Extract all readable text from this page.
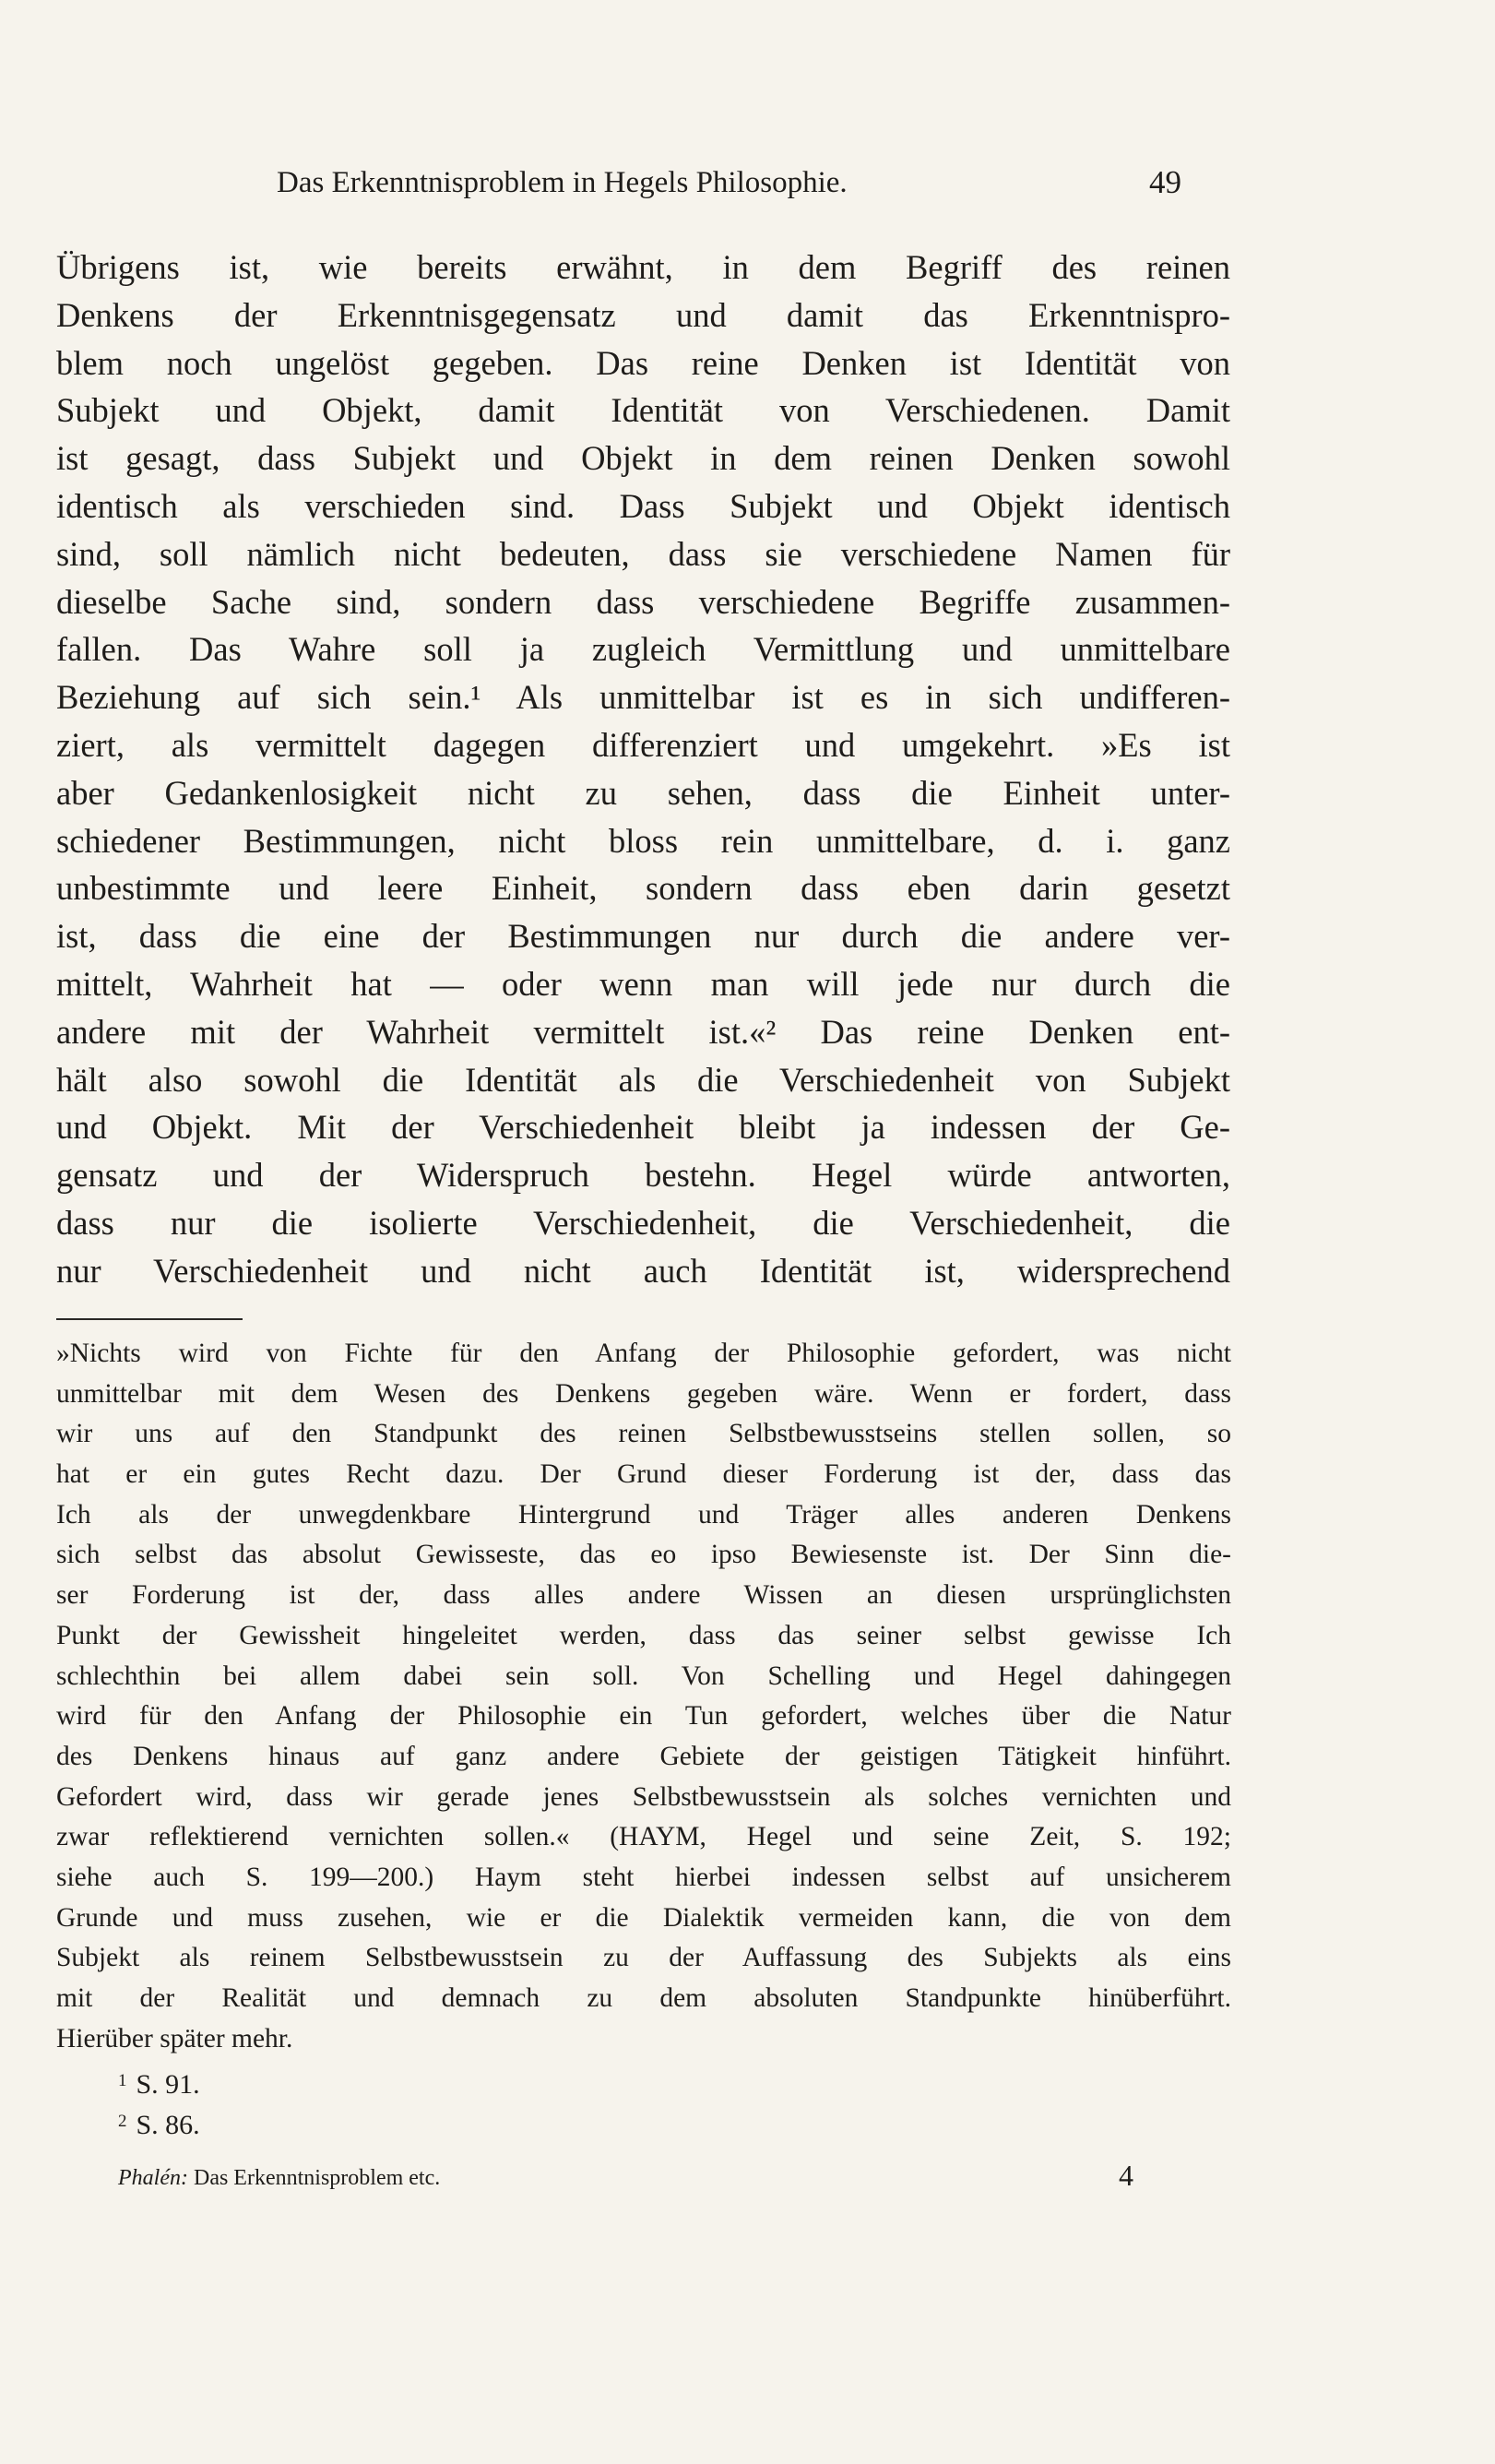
Das Erkenntnisproblem in Hegels Philosophie.	49
Übrigens ist, wie bereits erwähnt, in dem Begriff des reinen
Denkens der Erkenntnisgegensatz und damit das Erkenntnispro-
blem noch ungelöst gegeben. Das reine Denken ist Identität von
Subjekt und Objekt, damit Identität von Verschiedenen. Damit
ist gesagt, dass Subjekt und Objekt in dem reinen Denken sowohl
identisch als verschieden sind. Dass Subjekt und Objekt identisch
sind, soll nämlich nicht bedeuten, dass sie verschiedene Namen für
dieselbe Sache sind, sondern dass verschiedene Begriffe zusammen-
fallen. Das Wahre soll ja zugleich Vermittlung und unmittelbare
Beziehung auf sich sein.¹ Als unmittelbar ist es in sich undifferen-
ziert, als vermittelt dagegen differenziert und umgekehrt. »Es ist
aber Gedankenlosigkeit nicht zu sehen, dass die Einheit unter-
schiedener Bestimmungen, nicht bloss rein unmittelbare, d. i. ganz
unbestimmte und leere Einheit, sondern dass eben darin gesetzt
ist, dass die eine der Bestimmungen nur durch die andere ver-
mittelt, Wahrheit hat — oder wenn man will jede nur durch die
andere mit der Wahrheit vermittelt ist.«² Das reine Denken ent-
hält also sowohl die Identität als die Verschiedenheit von Subjekt
und Objekt. Mit der Verschiedenheit bleibt ja indessen der Ge-
gensatz und der Widerspruch bestehn. Hegel würde antworten,
dass nur die isolierte Verschiedenheit, die Verschiedenheit, die
nur Verschiedenheit und nicht auch Identität ist, widersprechend
»Nichts wird von Fichte für den Anfang der Philosophie gefordert, was nicht
unmittelbar mit dem Wesen des Denkens gegeben wäre. Wenn er fordert, dass
wir uns auf den Standpunkt des reinen Selbstbewusstseins stellen sollen, so
hat er ein gutes Recht dazu. Der Grund dieser Forderung ist der, dass das
Ich als der unwegdenkbare Hintergrund und Träger alles anderen Denkens
sich selbst das absolut Gewisseste, das eo ipso Bewiesenste ist. Der Sinn die-
ser Forderung ist der, dass alles andere Wissen an diesen ursprünglichsten
Punkt der Gewissheit hingeleitet werden, dass das seiner selbst gewisse Ich
schlechthin bei allem dabei sein soll. Von Schelling und Hegel dahingegen
wird für den Anfang der Philosophie ein Tun gefordert, welches über die Natur
des Denkens hinaus auf ganz andere Gebiete der geistigen Tätigkeit hinführt.
Gefordert wird, dass wir gerade jenes Selbstbewusstsein als solches vernichten und
zwar reflektierend vernichten sollen.« (HAYM, Hegel und seine Zeit, S. 192;
siehe auch S. 199—200.) Haym steht hierbei indessen selbst auf unsicherem
Grunde und muss zusehen, wie er die Dialektik vermeiden kann, die von dem
Subjekt als reinem Selbstbewusstsein zu der Auffassung des Subjekts als eins
mit der Realität und demnach zu dem absoluten Standpunkte hinüberführt.
Hierüber später mehr.
$^1$ S. 91.
$^2$ S. 86.
Phalén: Das Erkenntnisproblem etc.	4
